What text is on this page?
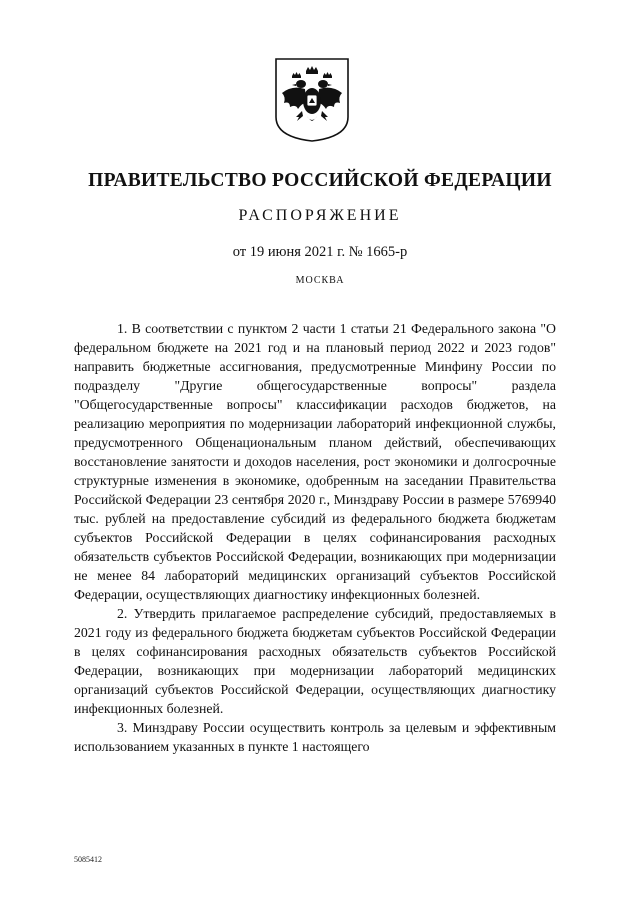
ПРАВИТЕЛЬСТВО РОССИЙСКОЙ ФЕДЕРАЦИИ
РАСПОРЯЖЕНИЕ
от 19 июня 2021 г. № 1665-р
МОСКВА

1. В соответствии с пунктом 2 части 1 статьи 21 Федерального закона "О федеральном бюджете на 2021 год и на плановый период 2022 и 2023 годов" направить бюджетные ассигнования, предусмотренные Минфину России по подразделу "Другие общегосударственные вопросы" раздела "Общегосударственные вопросы" классификации расходов бюджетов, на реализацию мероприятия по модернизации лабораторий инфекционной службы, предусмотренного Общенациональным планом действий, обеспечивающих восстановление занятости и доходов населения, рост экономики и долгосрочные структурные изменения в экономике, одобренным на заседании Правительства Российской Федерации 23 сентября 2020 г., Минздраву России в размере 5769940 тыс. рублей на предоставление субсидий из федерального бюджета бюджетам субъектов Российской Федерации в целях софинансирования расходных обязательств субъектов Российской Федерации, возникающих при модернизации не менее 84 лабораторий медицинских организаций субъектов Российской Федерации, осуществляющих диагностику инфекционных болезней.

2. Утвердить прилагаемое распределение субсидий, предоставляемых в 2021 году из федерального бюджета бюджетам субъектов Российской Федерации в целях софинансирования расходных обязательств субъектов Российской Федерации, возникающих при модернизации лабораторий медицинских организаций субъектов Российской Федерации, осуществляющих диагностику инфекционных болезней.

3. Минздраву России осуществить контроль за целевым и эффективным использованием указанных в пункте 1 настоящего

5085412
